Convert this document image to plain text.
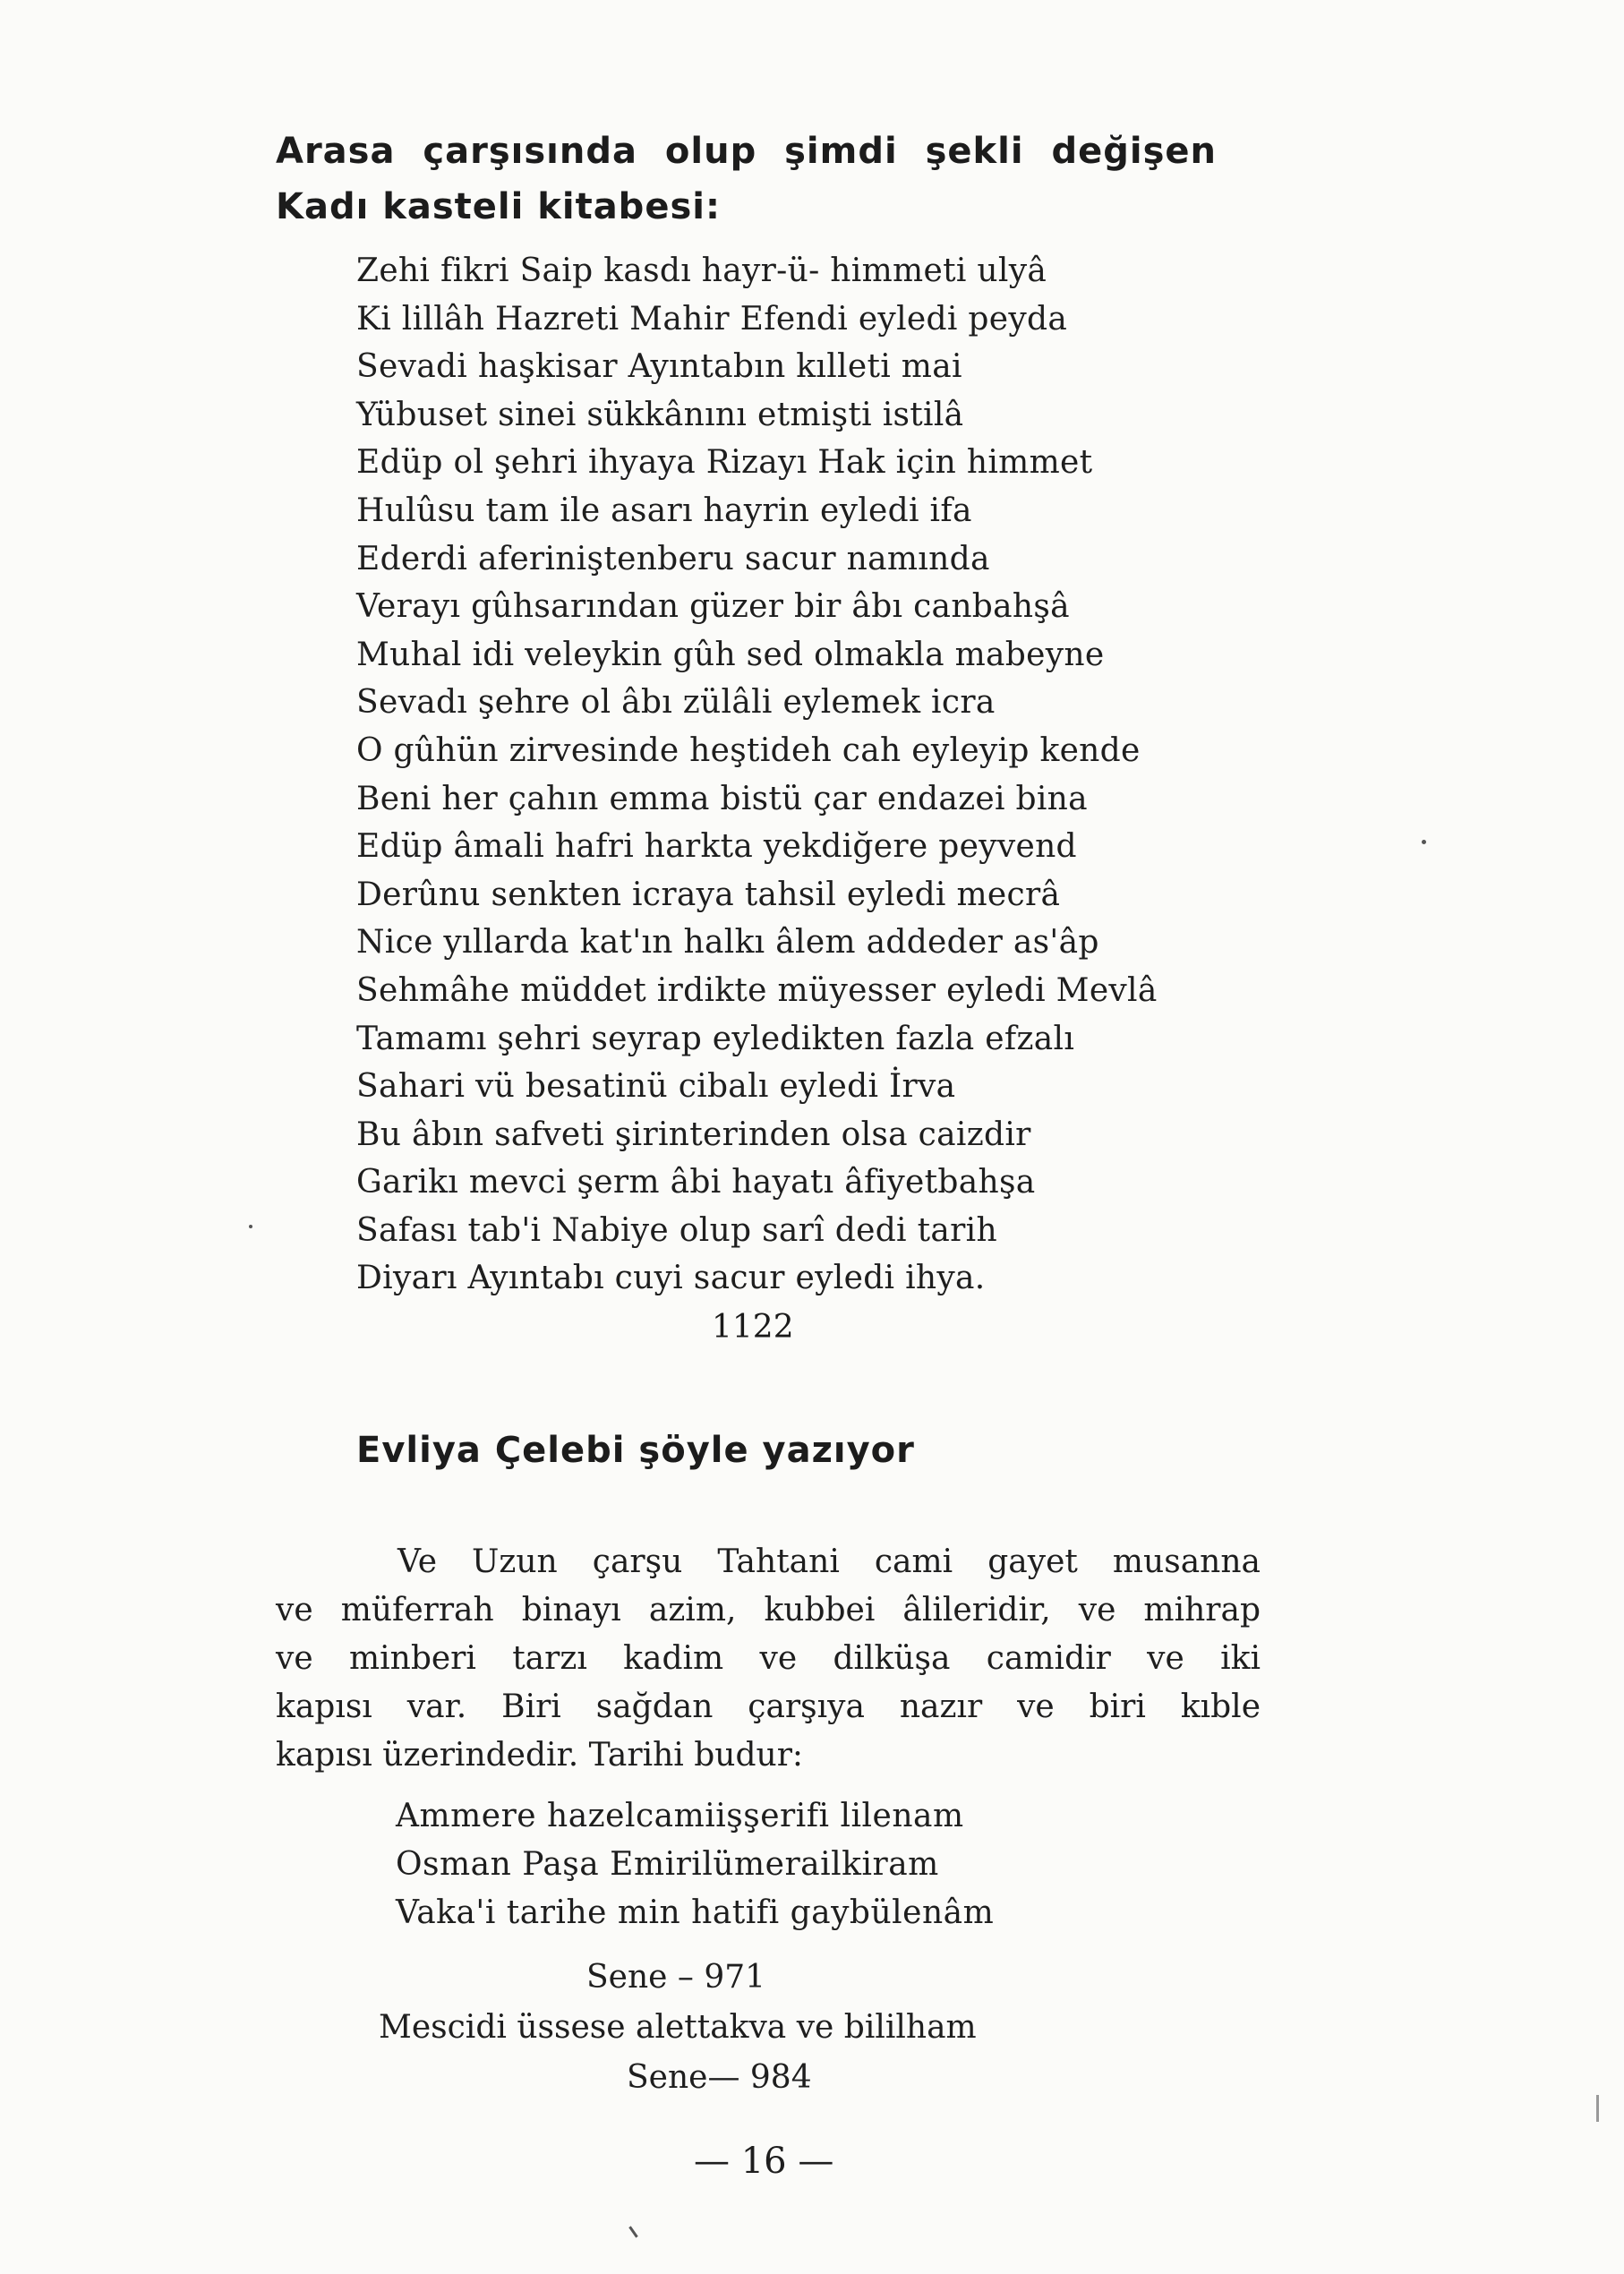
Arasa çarşısında olup şimdi şekli değişen
Kadı kasteli kitabesi:
Zehi fikri Saip kasdı hayr-ü- himmeti ulyâ
Ki lillâh Hazreti Mahir Efendi eyledi peyda
Sevadi haşkisar Ayıntabın kılleti mai
Yübuset sinei sükkânını etmişti istilâ
Edüp ol şehri ihyaya Rizayı Hak için himmet
Hulûsu tam ile asarı hayrin eyledi ifa
Ederdi aferiniştenberu sacur namında
Verayı gûhsarından güzer bir âbı canbahşâ
Muhal idi veleykin gûh sed olmakla mabeyne
Sevadı şehre ol âbı zülâli eylemek icra
O gûhün zirvesinde heştideh cah eyleyip kende
Beni her çahın emma bistü çar endazei bina
Edüp âmali hafri harkta yekdiğere peyvend
Derûnu senkten icraya tahsil eyledi mecrâ
Nice yıllarda kat'ın halkı âlem addeder as'âp
Sehmâhe müddet irdikte müyesser eyledi Mevlâ
Tamamı şehri seyrap eyledikten fazla efzalı
Sahari vü besatinü cibalı eyledi İrva
Bu âbın safveti şirinterinden olsa caizdir
Garikı mevci şerm âbi hayatı âfiyetbahşa
Safası tab'i Nabiye olup sarî dedi tarih
Diyarı Ayıntabı cuyi sacur eyledi ihya.
1122
Evliya Çelebi şöyle yazıyor
Ve Uzun çarşu Tahtani cami gayet musanna
ve müferrah binayı azim, kubbei âlileridir, ve mihrap
ve minberi tarzı kadim ve dilküşa camidir ve iki
kapısı var. Biri sağdan çarşıya nazır ve biri kıble
kapısı üzerindedir. Tarihi budur:
Ammere hazelcamiişşerifi lilenam
Osman Paşa Emirilümerailkiram
Vaka'i tarihe min hatifi gaybülenâm
Sene – 971
Mescidi üssese alettakva ve bililham
Sene— 984
— 16 —
